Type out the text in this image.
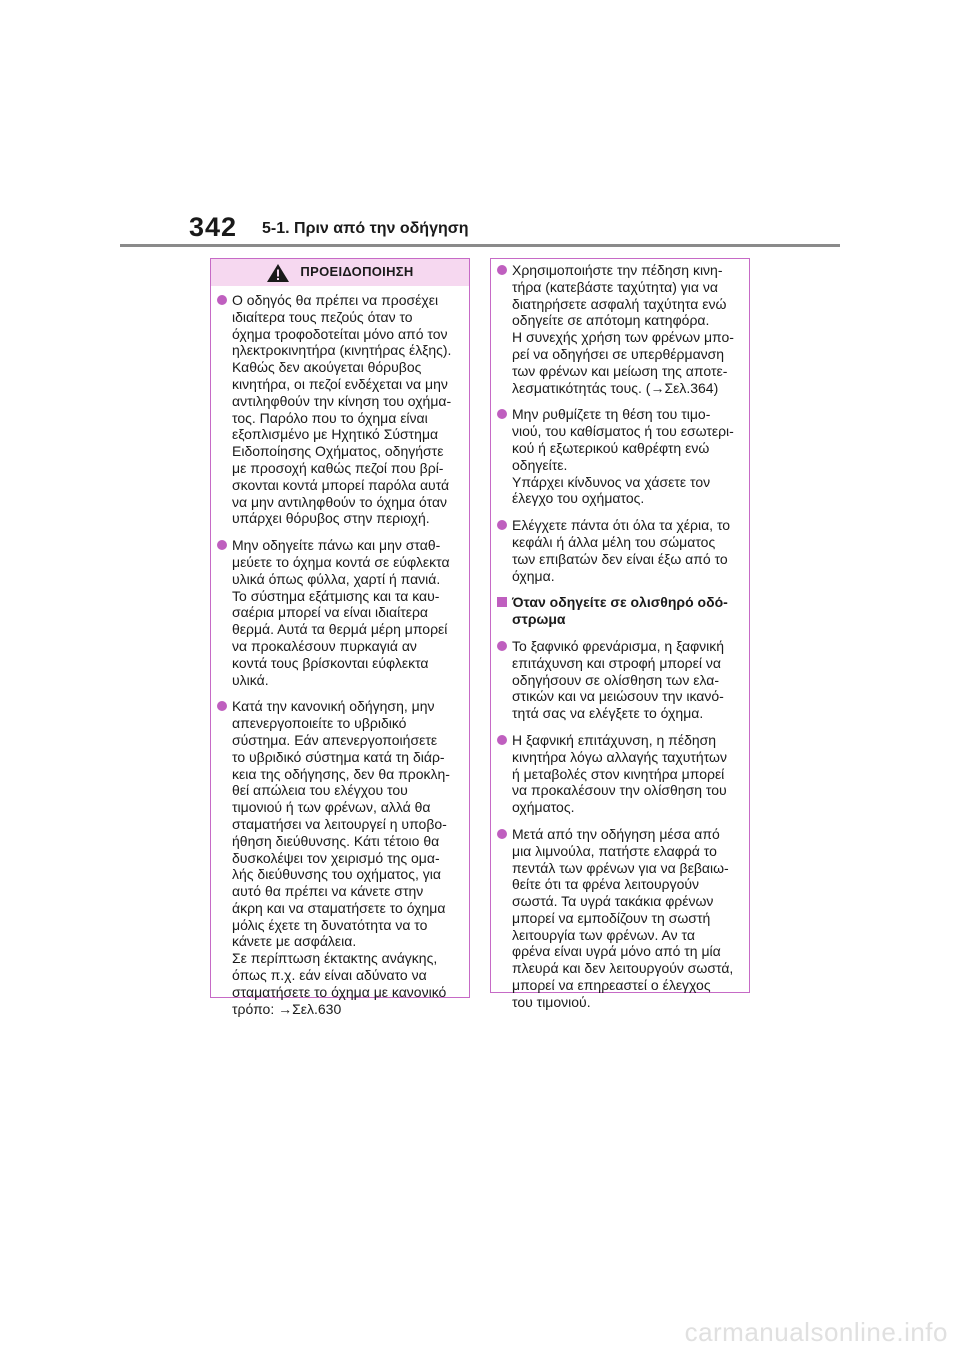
342 5-1. Πριν από την οδήγηση
ΠΡΟΕΙΔΟΠΟΙΗΣΗ
Ο οδηγός θα πρέπει να προσέχει
ιδιαίτερα τους πεζούς όταν το
όχημα τροφοδοτείται μόνο από τον
ηλεκτροκινητήρα (κινητήρας έλξης).
Καθώς δεν ακούγεται θόρυβος
κινητήρα, οι πεζοί ενδέχεται να μην
αντιληφθούν την κίνηση του οχήμα-
τος. Παρόλο που το όχημα είναι
εξοπλισμένο με Ηχητικό Σύστημα
Ειδοποίησης Οχήματος, οδηγήστε
με προσοχή καθώς πεζοί που βρί-
σκονται κοντά μπορεί παρόλα αυτά
να μην αντιληφθούν το όχημα όταν
υπάρχει θόρυβος στην περιοχή.
Μην οδηγείτε πάνω και μην σταθ-
μεύετε το όχημα κοντά σε εύφλεκτα
υλικά όπως φύλλα, χαρτί ή πανιά.
Το σύστημα εξάτμισης και τα καυ-
σαέρια μπορεί να είναι ιδιαίτερα
θερμά. Αυτά τα θερμά μέρη μπορεί
να προκαλέσουν πυρκαγιά αν
κοντά τους βρίσκονται εύφλεκτα
υλικά.
Κατά την κανονική οδήγηση, μην
απενεργοποιείτε το υβριδικό
σύστημα. Εάν απενεργοποιήσετε
το υβριδικό σύστημα κατά τη διάρ-
κεια της οδήγησης, δεν θα προκλη-
θεί απώλεια του ελέγχου του
τιμονιού ή των φρένων, αλλά θα
σταματήσει να λειτουργεί η υποβο-
ήθηση διεύθυνσης. Κάτι τέτοιο θα
δυσκολέψει τον χειρισμό της ομα-
λής διεύθυνσης του οχήματος, για
αυτό θα πρέπει να κάνετε στην
άκρη και να σταματήσετε το όχημα
μόλις έχετε τη δυνατότητα να το
κάνετε με ασφάλεια.
Σε περίπτωση έκτακτης ανάγκης,
όπως π.χ. εάν είναι αδύνατο να
σταματήσετε το όχημα με κανονικό
τρόπο: →Σελ.630
Χρησιμοποιήστε την πέδηση κινη-
τήρα (κατεβάστε ταχύτητα) για να
διατηρήσετε ασφαλή ταχύτητα ενώ
οδηγείτε σε απότομη κατηφόρα.
Η συνεχής χρήση των φρένων μπο-
ρεί να οδηγήσει σε υπερθέρμανση
των φρένων και μείωση της αποτε-
λεσματικότητάς τους. (→Σελ.364)
Μην ρυθμίζετε τη θέση του τιμο-
νιού, του καθίσματος ή του εσωτερι-
κού ή εξωτερικού καθρέφτη ενώ
οδηγείτε.
Υπάρχει κίνδυνος να χάσετε τον
έλεγχο του οχήματος.
Ελέγχετε πάντα ότι όλα τα χέρια, το
κεφάλι ή άλλα μέλη του σώματος
των επιβατών δεν είναι έξω από το
όχημα.
Όταν οδηγείτε σε ολισθηρό οδό-
στρωμα
Το ξαφνικό φρενάρισμα, η ξαφνική
επιτάχυνση και στροφή μπορεί να
οδηγήσουν σε ολίσθηση των ελα-
στικών και να μειώσουν την ικανό-
τητά σας να ελέγξετε το όχημα.
Η ξαφνική επιτάχυνση, η πέδηση
κινητήρα λόγω αλλαγής ταχυτήτων
ή μεταβολές στον κινητήρα μπορεί
να προκαλέσουν την ολίσθηση του
οχήματος.
Μετά από την οδήγηση μέσα από
μια λιμνούλα, πατήστε ελαφρά το
πεντάλ των φρένων για να βεβαιω-
θείτε ότι τα φρένα λειτουργούν
σωστά. Τα υγρά τακάκια φρένων
μπορεί να εμποδίζουν τη σωστή
λειτουργία των φρένων. Αν τα
φρένα είναι υγρά μόνο από τη μία
πλευρά και δεν λειτουργούν σωστά,
μπορεί να επηρεαστεί ο έλεγχος
του τιμονιού.
carmanualsonline.info
